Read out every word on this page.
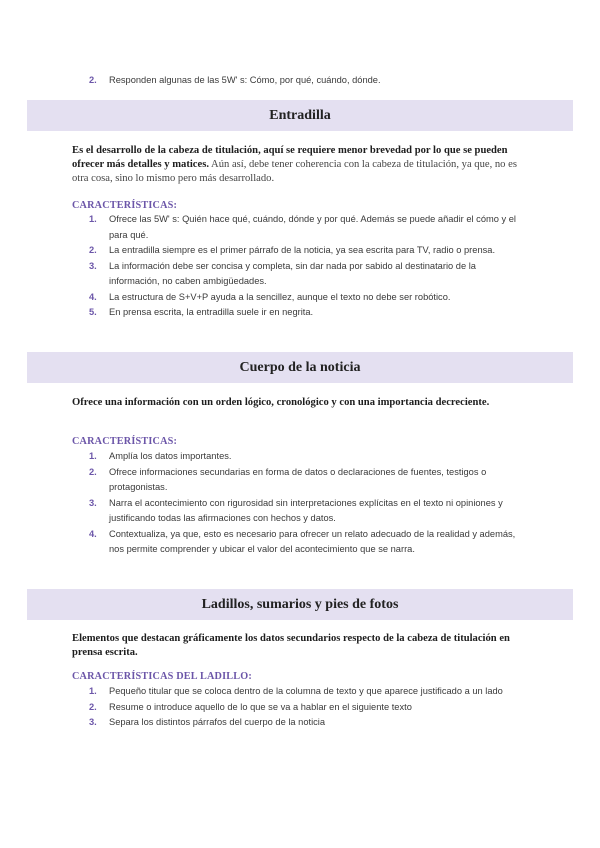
2.	Responden algunas de las 5W' s: Cómo, por qué, cuándo, dónde.
Entradilla

Es el desarrollo de la cabeza de titulación, aquí se requiere menor brevedad por lo que se pueden ofrecer más detalles y matices. Aún así, debe tener coherencia con la cabeza de titulación, ya que, no es otra cosa, sino lo mismo pero más desarrollado.

CARACTERÍSTICAS:
1.	Ofrece las 5W' s: Quién hace qué, cuándo, dónde y por qué. Además se puede añadir el cómo y el para qué.
2.	La entradilla siempre es el primer párrafo de la noticia, ya sea escrita para TV, radio o prensa.
3.	La información debe ser concisa y completa, sin dar nada por sabido al destinatario de la información, no caben ambigüedades.
4.	La estructura de S+V+P ayuda a la sencillez, aunque el texto no debe ser robótico.
5.	En prensa escrita, la entradilla suele ir en negrita.
Cuerpo de la noticia

Ofrece una información con un orden lógico, cronológico y con una importancia decreciente.

CARACTERÍSTICAS:
1.	Amplía los datos importantes.
2.	Ofrece informaciones secundarias en forma de datos o declaraciones de fuentes, testigos o protagonistas.
3.	Narra el acontecimiento con rigurosidad sin interpretaciones explícitas en el texto ni opiniones y justificando todas las afirmaciones con hechos y datos.
4.	Contextualiza, ya que, esto es necesario para ofrecer un relato adecuado de la realidad y además, nos permite comprender y ubicar el valor del acontecimiento que se narra.
Ladillos, sumarios y pies de fotos

Elementos que destacan gráficamente los datos secundarios respecto de la cabeza de titulación en prensa escrita.

CARACTERÍSTICAS DEL LADILLO:
1.	Pequeño titular que se coloca dentro de la columna de texto y que aparece justificado a un lado
2.	Resume o introduce aquello de lo que se va a hablar en el siguiente texto
3.	Separa los distintos párrafos del cuerpo de la noticia
